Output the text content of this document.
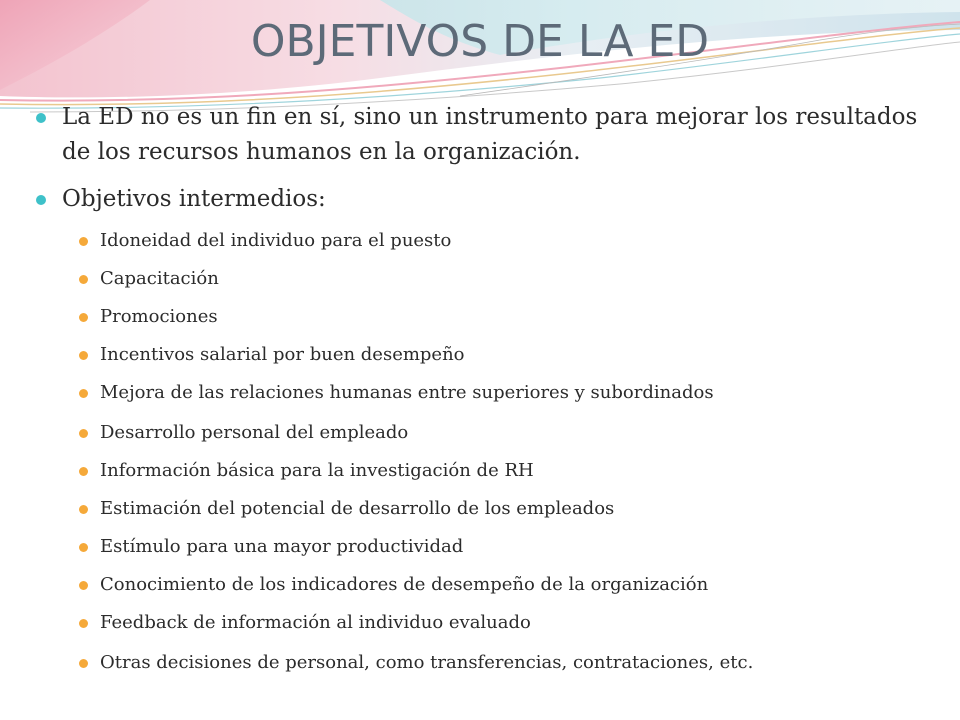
OBJETIVOS DE LA ED
La ED no es un fin en sí, sino un instrumento para mejorar los resultados de los recursos humanos en la organización.
Objetivos intermedios:
Idoneidad del individuo para el puesto
Capacitación
Promociones
Incentivos salarial por buen desempeño
Mejora de las relaciones humanas entre superiores y subordinados
Desarrollo personal del empleado
Información básica para la investigación de RH
Estimación del potencial de desarrollo de los empleados
Estímulo para una mayor productividad
Conocimiento de los indicadores de desempeño de la organización
Feedback de información al individuo evaluado
Otras decisiones de personal, como transferencias, contrataciones, etc.
